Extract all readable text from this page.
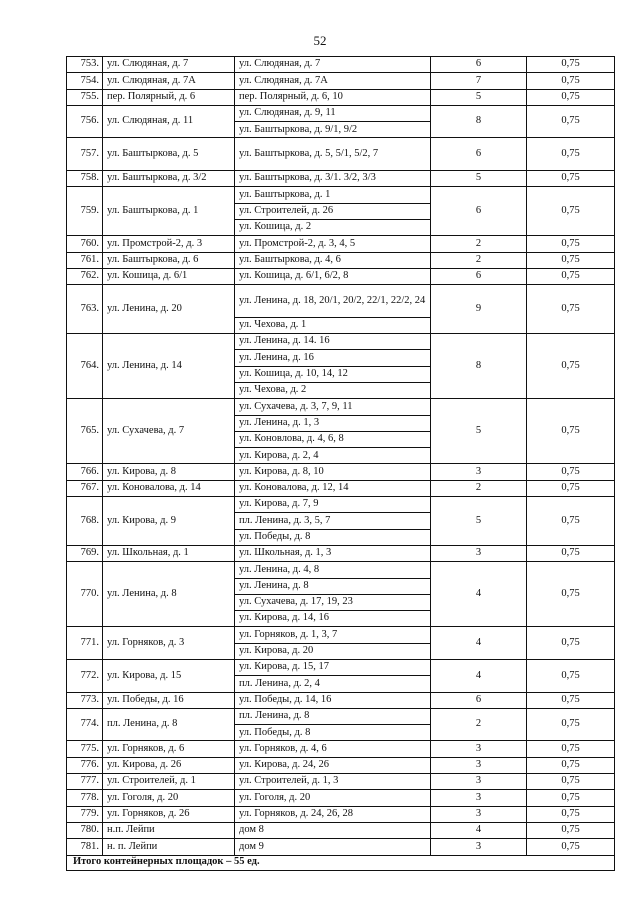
52
753.	ул. Слюдяная, д. 7	ул. Слюдяная, д. 7	6	0,75
754.	ул. Слюдяная, д. 7А	ул. Слюдяная, д. 7А	7	0,75
755.	пер. Полярный, д. 6	пер. Полярный, д. 6, 10	5	0,75
756.	ул. Слюдяная, д. 11	ул. Слюдяная, д. 9, 11	8	0,75
		ул. Баштыркова, д. 9/1, 9/2		
757.	ул. Баштыркова, д. 5	ул. Баштыркова, д. 5, 5/1, 5/2, 7	6	0,75
758.	ул. Баштыркова, д. 3/2	ул. Баштыркова, д. 3/1. 3/2, 3/3	5	0,75
759.	ул. Баштыркова, д. 1	ул. Баштыркова, д. 1	6	0,75
		ул. Строителей, д. 26		
		ул. Кошица, д. 2		
760.	ул. Промстрой-2, д. 3	ул. Промстрой-2, д. 3, 4, 5	2	0,75
761.	ул. Баштыркова, д. 6	ул. Баштыркова, д. 4, 6	2	0,75
762.	ул. Кошица, д. 6/1	ул. Кошица, д. 6/1, 6/2, 8	6	0,75
763.	ул. Ленина, д. 20	ул. Ленина, д. 18, 20/1, 20/2, 22/1, 22/2, 24	9	0,75
		ул. Чехова, д. 1		
764.	ул. Ленина, д. 14	ул. Ленина, д. 14. 16	8	0,75
		ул. Ленина, д. 16		
		ул. Кошица, д. 10, 14, 12		
		ул. Чехова, д. 2		
765.	ул. Сухачева, д. 7	ул. Сухачева, д. 3, 7, 9, 11	5	0,75
		ул. Ленина, д. 1, 3		
		ул. Коновлова, д. 4, 6, 8		
		ул. Кирова, д. 2, 4		
766.	ул. Кирова, д. 8	ул. Кирова, д. 8, 10	3	0,75
767.	ул. Коновалова, д. 14	ул. Коновалова, д. 12, 14	2	0,75
768.	ул. Кирова, д. 9	ул. Кирова, д. 7, 9	5	0,75
		пл. Ленина, д. 3, 5, 7		
		ул. Победы, д. 8		
769.	ул. Школьная, д. 1	ул. Школьная, д. 1, 3	3	0,75
770.	ул. Ленина, д. 8	ул. Ленина, д. 4, 8	4	0,75
		ул. Ленина, д. 8		
		ул. Сухачева, д. 17, 19, 23		
		ул. Кирова, д. 14, 16		
771.	ул. Горняков, д. 3	ул. Горняков, д. 1, 3, 7	4	0,75
		ул. Кирова, д. 20		
772.	ул. Кирова, д. 15	ул. Кирова, д. 15, 17	4	0,75
		пл. Ленина, д. 2, 4		
773.	ул. Победы, д. 16	ул. Победы, д. 14, 16	6	0,75
774.	пл. Ленина, д. 8	пл. Ленина, д. 8	2	0,75
		ул. Победы, д. 8		
775.	ул. Горняков, д. 6	ул. Горняков, д. 4, 6	3	0,75
776.	ул. Кирова, д. 26	ул. Кирова, д. 24, 26	3	0,75
777.	ул. Строителей, д. 1	ул. Строителей, д. 1, 3	3	0,75
778.	ул. Гоголя, д. 20	ул. Гоголя, д. 20	3	0,75
779.	ул. Горняков, д. 26	ул. Горняков, д. 24, 26, 28	3	0,75
780.	н.п. Лейпи	дом 8	4	0,75
781.	н. п. Лейпи	дом 9	3	0,75
Итого контейнерных площадок – 55 ед.				
